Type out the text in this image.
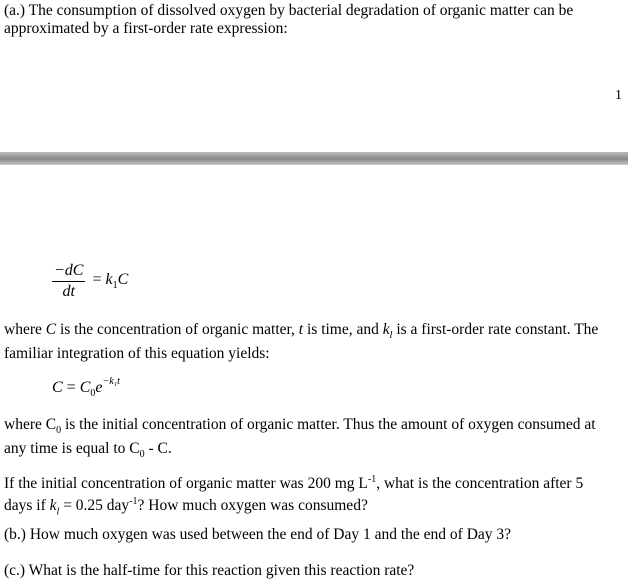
(a.) The consumption of dissolved oxygen by bacterial degradation of organic matter can be
approximated by a first-order rate expression:

1
$\frac{-dC}{dt} = k_1C$

where C is the concentration of organic matter, t is time, and $k_l$ is a first-order rate constant. The
familiar integration of this equation yields:

$C = C_0e^{-k_1t}$

where $C_0$ is the initial concentration of organic matter. Thus the amount of oxygen consumed at
any time is equal to $C_0$ - C.

If the initial concentration of organic matter was 200 mg $L^{-1}$, what is the concentration after 5
days if $k_l = 0.25$ day$^{-1}$? How much oxygen was consumed?

(b.) How much oxygen was used between the end of Day 1 and the end of Day 3?

(c.) What is the half-time for this reaction given this reaction rate?
